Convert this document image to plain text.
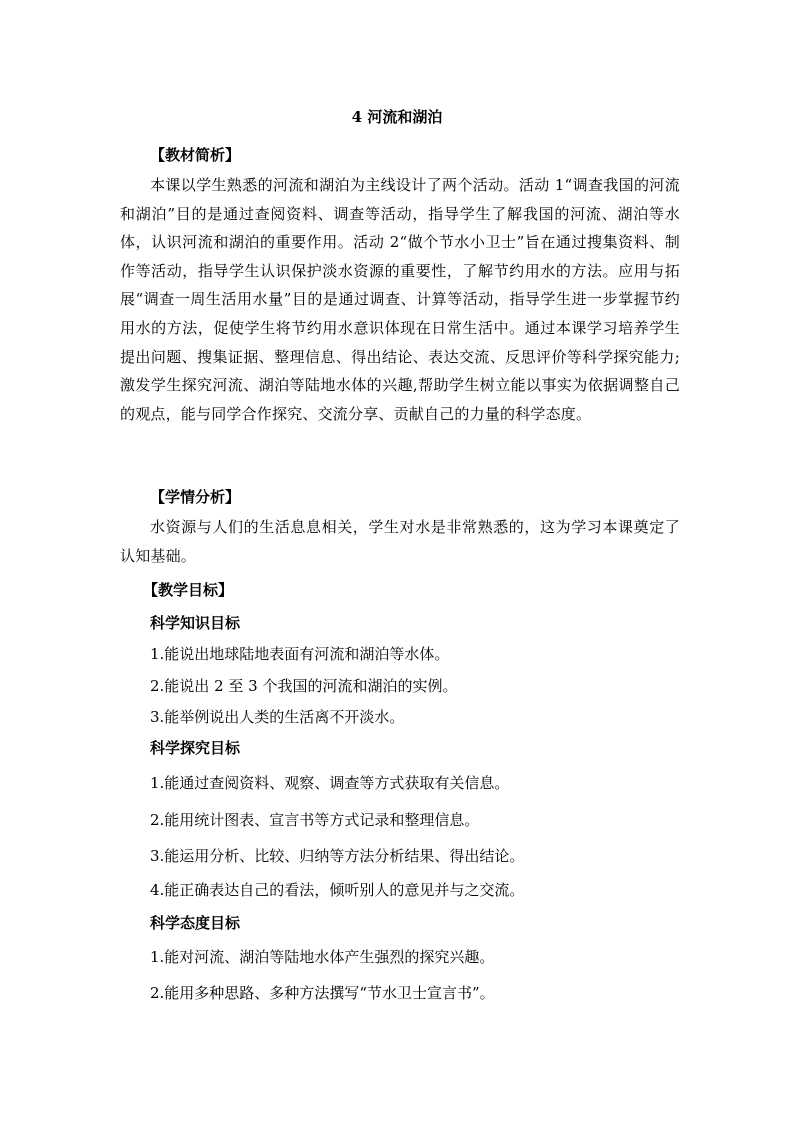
4 河流和湖泊
【教材简析】
本课以学生熟悉的河流和湖泊为主线设计了两个活动。活动 1“调查我国的河流和湖泊”目的是通过查阅资料、调查等活动，指导学生了解我国的河流、湖泊等水体，认识河流和湖泊的重要作用。活动 2“做个节水小卫士”旨在通过搜集资料、制作等活动，指导学生认识保护淡水资源的重要性，了解节约用水的方法。应用与拓展“调查一周生活用水量”目的是通过调查、计算等活动，指导学生进一步掌握节约用水的方法，促使学生将节约用水意识体现在日常生活中。通过本课学习培养学生提出问题、搜集证据、整理信息、得出结论、表达交流、反思评价等科学探究能力;激发学生探究河流、湖泊等陆地水体的兴趣,帮助学生树立能以事实为依据调整自己的观点，能与同学合作探究、交流分享、贡献自己的力量的科学态度。
【学情分析】
水资源与人们的生活息息相关，学生对水是非常熟悉的，这为学习本课奠定了认知基础。
【教学目标】
科学知识目标
1.能说出地球陆地表面有河流和湖泊等水体。
2.能说出 2 至 3 个我国的河流和湖泊的实例。
3.能举例说出人类的生活离不开淡水。
科学探究目标
1.能通过查阅资料、观察、调查等方式获取有关信息。
2.能用统计图表、宣言书等方式记录和整理信息。
3.能运用分析、比较、归纳等方法分析结果、得出结论。
4.能正确表达自己的看法，倾听别人的意见并与之交流。
科学态度目标
1.能对河流、湖泊等陆地水体产生强烈的探究兴趣。
2.能用多种思路、多种方法撰写“节水卫士宣言书”。
